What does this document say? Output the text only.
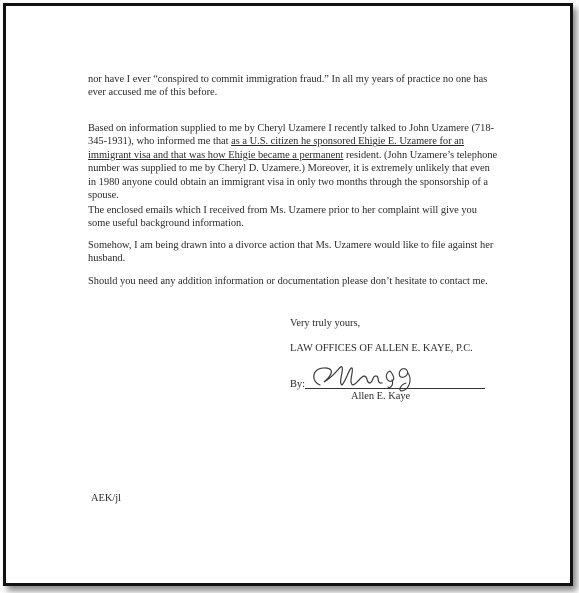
nor have I ever “conspired to commit immigration fraud.” In all my years of practice no one has ever accused me of this before.

Based on information supplied to me by Cheryl Uzamere I recently talked to John Uzamere (718-345-1931), who informed me that as a U.S. citizen he sponsored Ehigie E. Uzamere for an immigrant visa and that was how Ehigie became a permanent resident. (John Uzamere’s telephone number was supplied to me by Cheryl D. Uzamere.) Moreover, it is extremely unlikely that even in 1980 anyone could obtain an immigrant visa in only two months through the sponsorship of a spouse.

The enclosed emails which I received from Ms. Uzamere prior to her complaint will give you some useful background information.

Somehow, I am being drawn into a divorce action that Ms. Uzamere would like to file against her husband.

Should you need any addition information or documentation please don’t hesitate to contact me.

Very truly yours,

LAW OFFICES OF ALLEN E. KAYE, P.C.

By:
Allen E. Kaye
AEK/jl
